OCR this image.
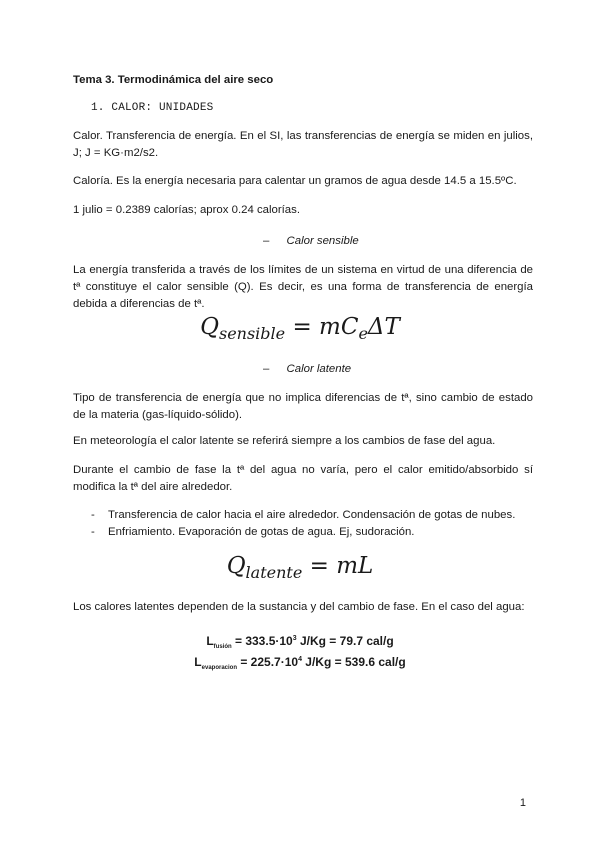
Tema 3. Termodinámica del aire seco
1. CALOR: UNIDADES
Calor. Transferencia de energía. En el SI, las transferencias de energía se miden en julios, J; J = KG·m2/s2.
Caloría. Es la energía necesaria para calentar un gramos de agua desde 14.5 a 15.5ºC.
1 julio = 0.2389 calorías; aprox 0.24 calorías.
– Calor sensible
La energía transferida a través de los límites de un sistema en virtud de una diferencia de tª constituye el calor sensible (Q). Es decir, es una forma de transferencia de energía debida a diferencias de tª.
$Q_{sensible} = mC_e\Delta T$
– Calor latente
Tipo de transferencia de energía que no implica diferencias de tª, sino cambio de estado de la materia (gas-líquido-sólido).
En meteorología el calor latente se referirá siempre a los cambios de fase del agua.
Durante el cambio de fase la tª del agua no varía, pero el calor emitido/absorbido sí modifica la tª del aire alrededor.
-	Transferencia de calor hacia el aire alrededor. Condensación de gotas de nubes.
-	Enfriamiento. Evaporación de gotas de agua. Ej, sudoración.
$Q_{latente}$ = mL
Los calores latentes dependen de la sustancia y del cambio de fase. En el caso del agua:
$L_{fusión} = 333.5\cdot 10^3$ J/Kg = 79.7 cal/g
$L_{evaporacion} = 225.7\cdot 10^4$ J/Kg = 539.6 cal/g
1
